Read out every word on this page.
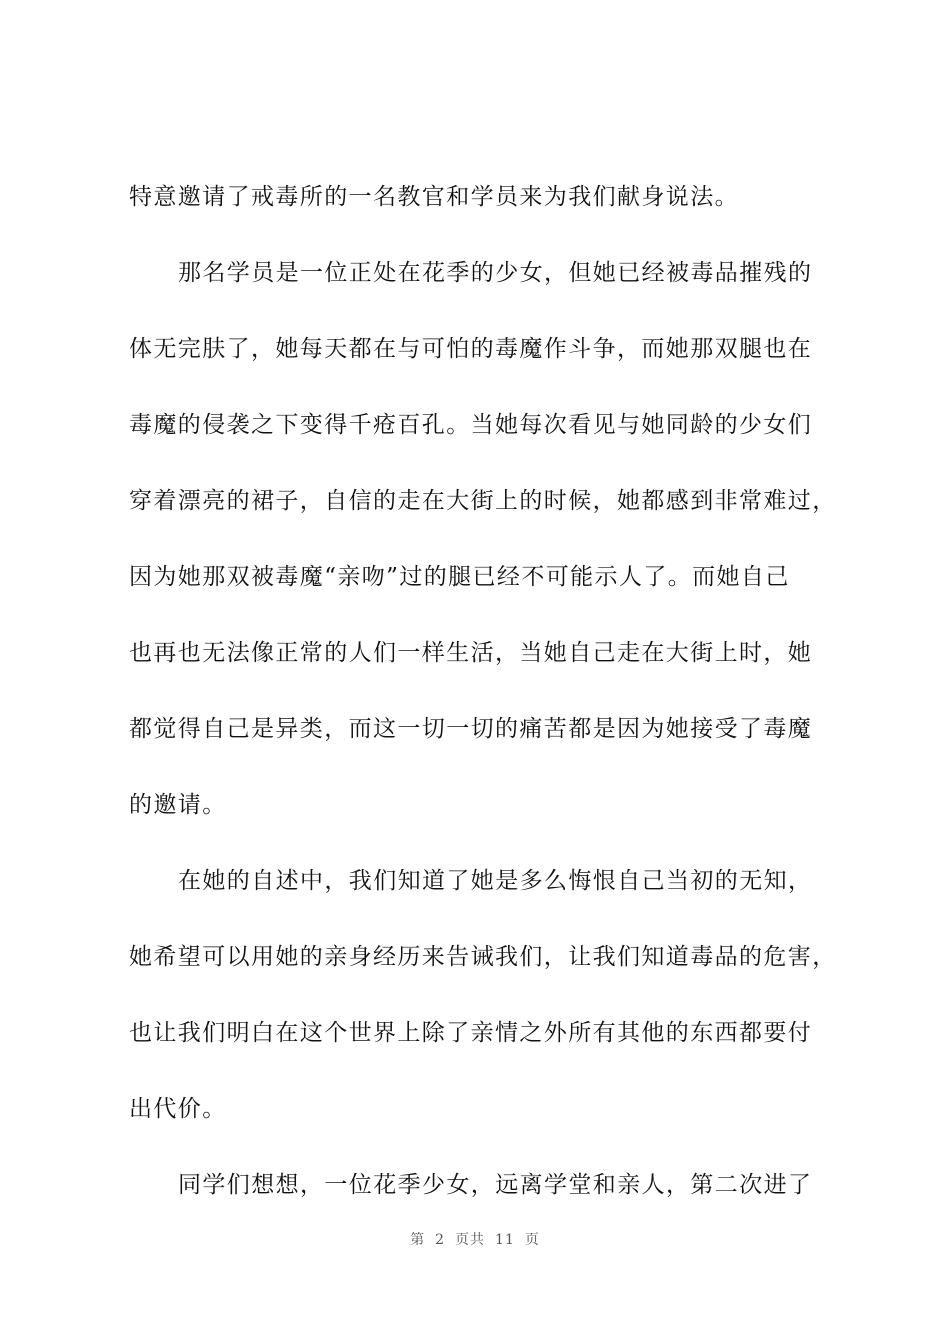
特意邀请了戒毒所的一名教官和学员来为我们献身说法。
那名学员是一位正处在花季的少女，但她已经被毒品摧残的
体无完肤了，她每天都在与可怕的毒魔作斗争，而她那双腿也在
毒魔的侵袭之下变得千疮百孔。当她每次看见与她同龄的少女们
穿着漂亮的裙子，自信的走在大街上的时候，她都感到非常难过，
因为她那双被毒魔“亲吻”过的腿已经不可能示人了。而她自己
也再也无法像正常的人们一样生活，当她自己走在大街上时，她
都觉得自己是异类，而这一切一切的痛苦都是因为她接受了毒魔
的邀请。
在她的自述中，我们知道了她是多么悔恨自己当初的无知，
她希望可以用她的亲身经历来告诫我们，让我们知道毒品的危害，
也让我们明白在这个世界上除了亲情之外所有其他的东西都要付
出代价。
同学们想想，一位花季少女，远离学堂和亲人，第二次进了
第 2 页共 11 页
